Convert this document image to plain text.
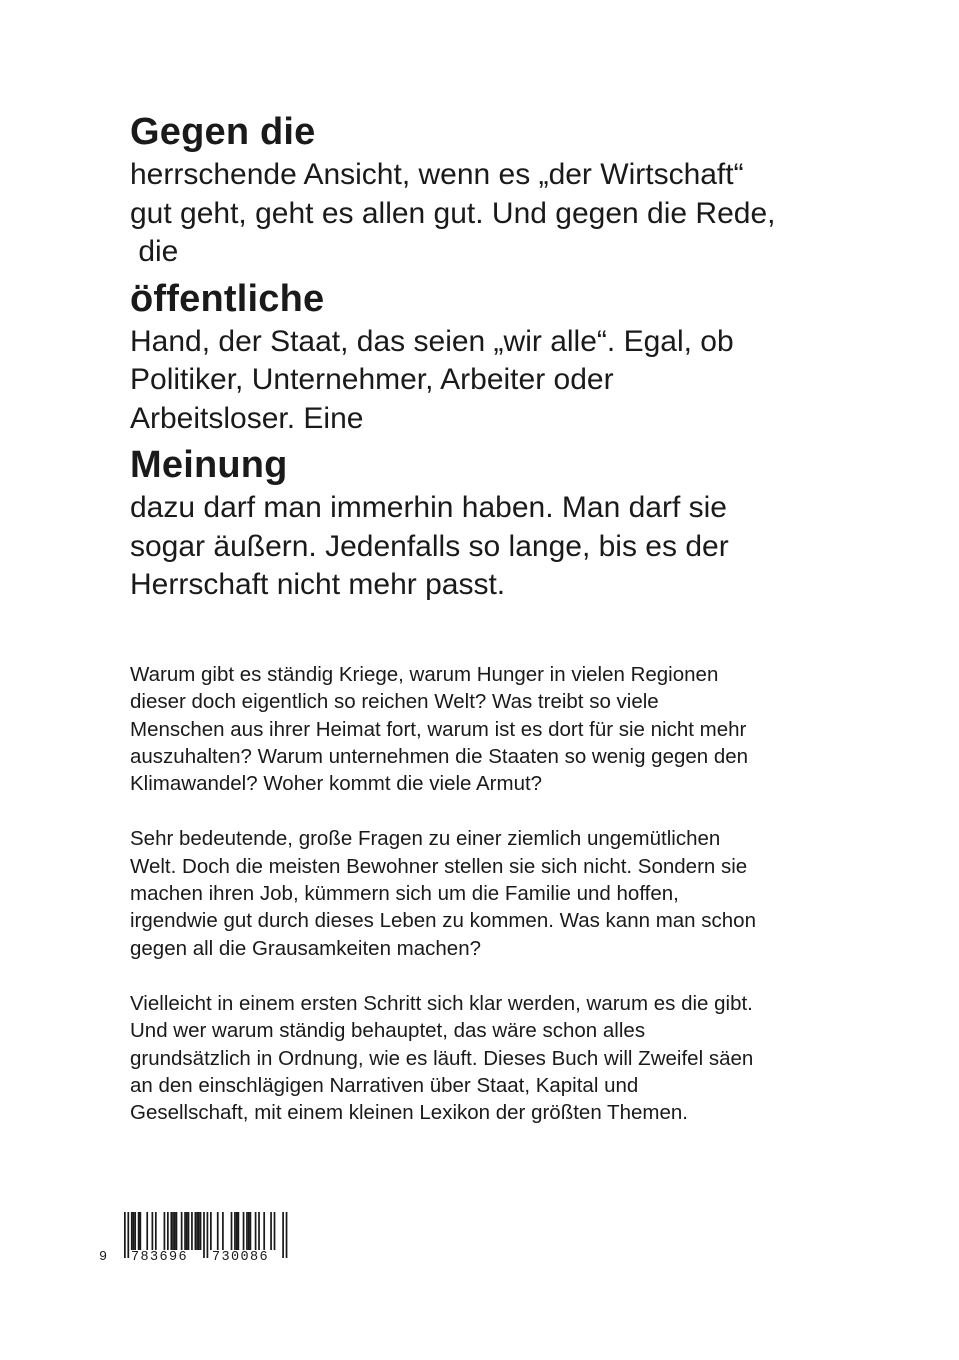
Gegen die
herrschende Ansicht, wenn es „der Wirtschaft“
gut geht, geht es allen gut. Und gegen die Rede,
die
öffentliche
Hand, der Staat, das seien „wir alle“. Egal, ob
Politiker, Unternehmer, Arbeiter oder
Arbeitsloser. Eine
Meinung
dazu darf man immerhin haben. Man darf sie
sogar äußern. Jedenfalls so lange, bis es der
Herrschaft nicht mehr passt.

Warum gibt es ständig Kriege, warum Hunger in vielen Regionen
dieser doch eigentlich so reichen Welt? Was treibt so viele
Menschen aus ihrer Heimat fort, warum ist es dort für sie nicht mehr
auszuhalten? Warum unternehmen die Staaten so wenig gegen den
Klimawandel? Woher kommt die viele Armut?

Sehr bedeutende, große Fragen zu einer ziemlich ungemütlichen
Welt. Doch die meisten Bewohner stellen sie sich nicht. Sondern sie
machen ihren Job, kümmern sich um die Familie und hoffen,
irgendwie gut durch dieses Leben zu kommen. Was kann man schon
gegen all die Grausamkeiten machen?

Vielleicht in einem ersten Schritt sich klar werden, warum es die gibt.
Und wer warum ständig behauptet, das wäre schon alles
grundsätzlich in Ordnung, wie es läuft. Dieses Buch will Zweifel säen
an den einschlägigen Narrativen über Staat, Kapital und
Gesellschaft, mit einem kleinen Lexikon der größten Themen.

9 783696 730086
